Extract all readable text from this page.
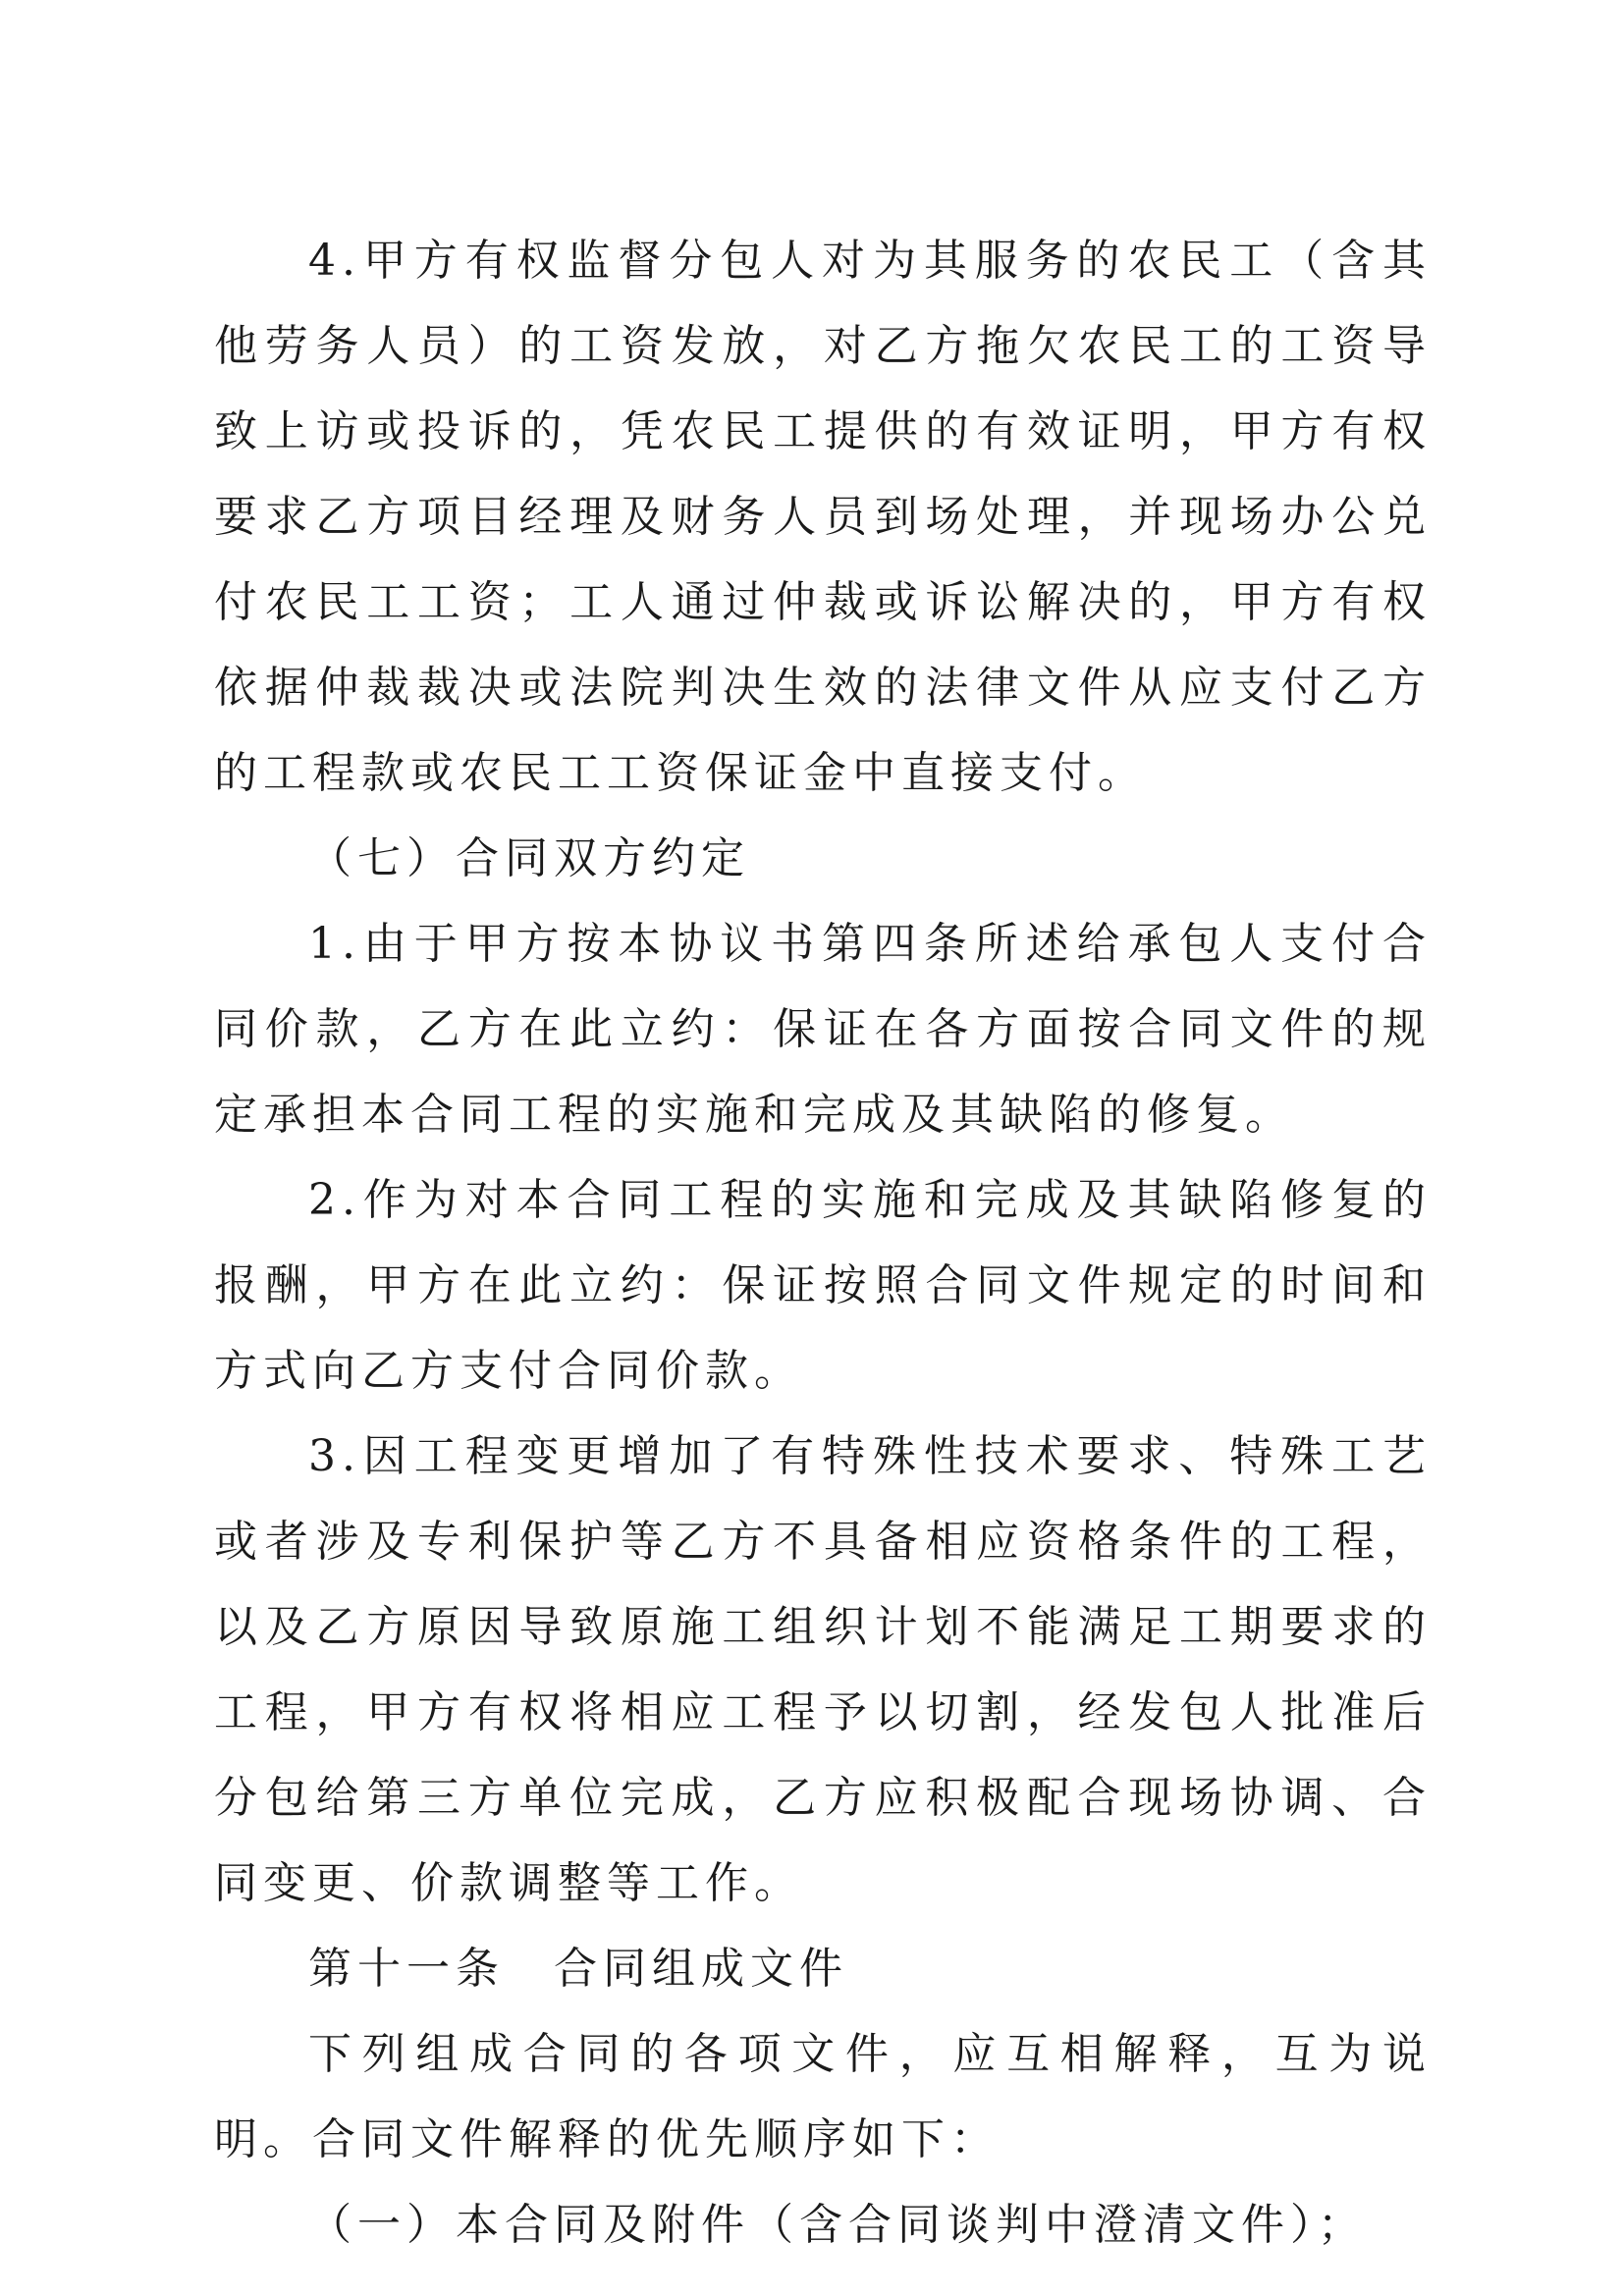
4.甲方有权监督分包人对为其服务的农民工（含其他劳务人员）的工资发放，对乙方拖欠农民工的工资导致上访或投诉的，凭农民工提供的有效证明，甲方有权要求乙方项目经理及财务人员到场处理，并现场办公兑付农民工工资；工人通过仲裁或诉讼解决的，甲方有权依据仲裁裁决或法院判决生效的法律文件从应支付乙方的工程款或农民工工资保证金中直接支付。

（七）合同双方约定

1.由于甲方按本协议书第四条所述给承包人支付合同价款，乙方在此立约：保证在各方面按合同文件的规定承担本合同工程的实施和完成及其缺陷的修复。

2.作为对本合同工程的实施和完成及其缺陷修复的报酬，甲方在此立约：保证按照合同文件规定的时间和方式向乙方支付合同价款。

3.因工程变更增加了有特殊性技术要求、特殊工艺或者涉及专利保护等乙方不具备相应资格条件的工程，以及乙方原因导致原施工组织计划不能满足工期要求的工程，甲方有权将相应工程予以切割，经发包人批准后分包给第三方单位完成，乙方应积极配合现场协调、合同变更、价款调整等工作。

第十一条 合同组成文件

下列组成合同的各项文件，应互相解释，互为说明。合同文件解释的优先顺序如下：

（一）本合同及附件（含合同谈判中澄清文件）；
